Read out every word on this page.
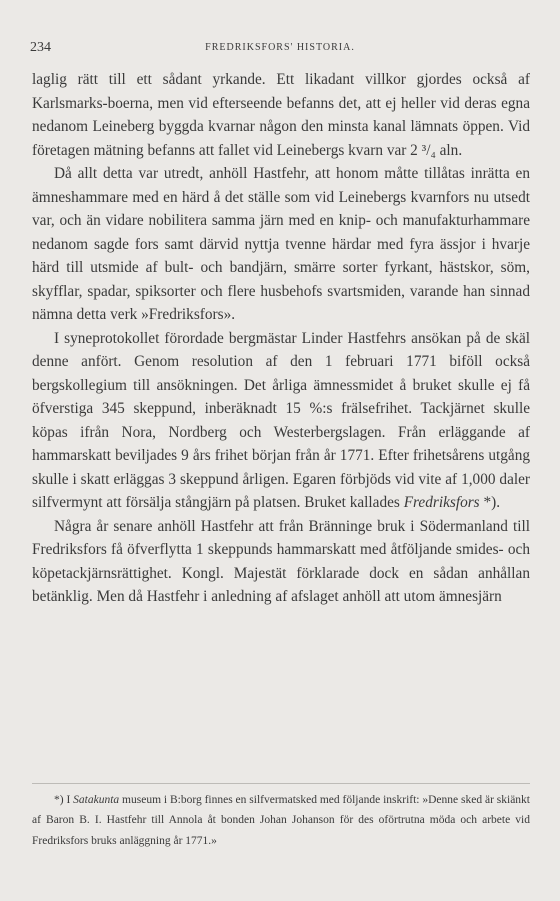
234	FREDRIKSFORS' HISTORIA.

laglig rätt till ett sådant yrkande. Ett likadant villkor gjordes också af Karlsmarks-boerna, men vid efterseende befanns det, att ej heller vid deras egna nedanom Leineberg byggda kvarnar någon den minsta kanal lämnats öppen. Vid företagen mätning befanns att fallet vid Leinebergs kvarn var 2 ³/₄ aln.

Då allt detta var utredt, anhöll Hastfehr, att honom måtte tillåtas inrätta en ämneshammare med en härd å det ställe som vid Leinebergs kvarnfors nu utsedt var, och än vidare nobilitera samma järn med en knip- och manufakturhammare nedanom sagde fors samt därvid nyttja tvenne härdar med fyra ässjor i hvarje härd till utsmide af bult- och bandjärn, smärre sorter fyrkant, hästskor, söm, skyfflar, spadar, spiksorter och flere husbehofs svartsmiden, varande han sinnad nämna detta verk »Fredriksfors».

I syneprotokollet förordade bergmästar Linder Hastfehrs ansökan på de skäl denne anfört. Genom resolution af den 1 februari 1771 biföll också bergskollegium till ansökningen. Det årliga ämnessmidet å bruket skulle ej få öfverstiga 345 skeppund, inberäknadt 15 %:s frälsefrihet. Tackjärnet skulle köpas ifrån Nora, Nordberg och Westerbergslagen. Från erläggande af hammarskatt beviljades 9 års frihet början från år 1771. Efter frihetsårens utgång skulle i skatt erläggas 3 skeppund årligen. Egaren förbjöds vid vite af 1,000 daler silfvermynt att försälja stångjärn på platsen. Bruket kallades Fredriksfors *).

Några år senare anhöll Hastfehr att från Bränninge bruk i Södermanland till Fredriksfors få öfverflytta 1 skeppunds hammarskatt med åtföljande smides- och köpetackjärnsrättighet. Kongl. Majestät förklarade dock en sådan anhållan betänklig. Men då Hastfehr i anledning af afslaget anhöll att utom ämnesjärn

*) I Satakunta museum i B:borg finnes en silfvermatsked med följande inskrift: »Denne sked är skiänkt af Baron B. I. Hastfehr till Annola åt bonden Johan Johanson för des oförtrutna möda och arbete vid Fredriksfors bruks anläggning år 1771.»
